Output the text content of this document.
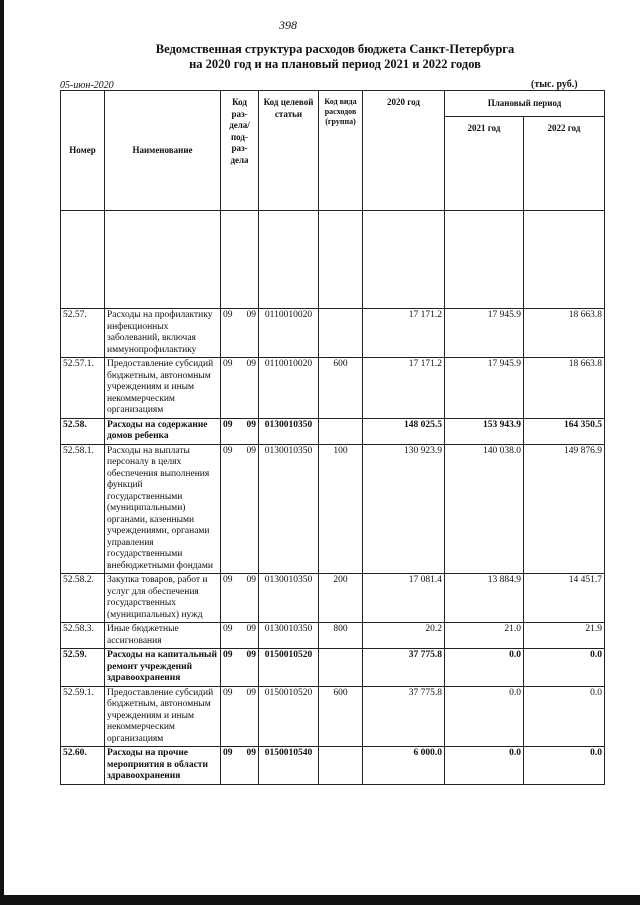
398
Ведомственная структура расходов бюджета Санкт-Петербурга
на 2020 год и на плановый период 2021 и 2022 годов
05-июн-2020	(тыс. руб.)
Номер	Наименование	Код раз-дела/ под-раз-дела	Код целевой статьи	Код вида расходов (группа)	2020 год	Плановый период	
						2021 год	2022 год

52.57.	Расходы на профилактику инфекционных заболеваний, включая иммунопрофилактику	09 09	0110010020		17 171.2	17 945.9	18 663.8
52.57.1.	Предоставление субсидий бюджетным, автономным учреждениям и иным некоммерческим организациям	09 09	0110010020	600	17 171.2	17 945.9	18 663.8
52.58.	Расходы на содержание домов ребенка	09 09	0130010350		148 025.5	153 943.9	164 350.5
52.58.1.	Расходы на выплаты персоналу в целях обеспечения выполнения функций государственными (муниципальными) органами, казенными учреждениями, органами управления государственными внебюджетными фондами	09 09	0130010350	100	130 923.9	140 038.0	149 876.9
52.58.2.	Закупка товаров, работ и услуг для обеспечения государственных (муниципальных) нужд	09 09	0130010350	200	17 081.4	13 884.9	14 451.7
52.58.3.	Иные бюджетные ассигнования	09 09	0130010350	800	20.2	21.0	21.9
52.59.	Расходы на капитальный ремонт учреждений здравоохранения	09 09	0150010520		37 775.8	0.0	0.0
52.59.1.	Предоставление субсидий бюджетным, автономным учреждениям и иным некоммерческим организациям	09 09	0150010520	600	37 775.8	0.0	0.0
52.60.	Расходы на прочие мероприятия в области здравоохранения	09 09	0150010540		6 000.0	0.0	0.0
